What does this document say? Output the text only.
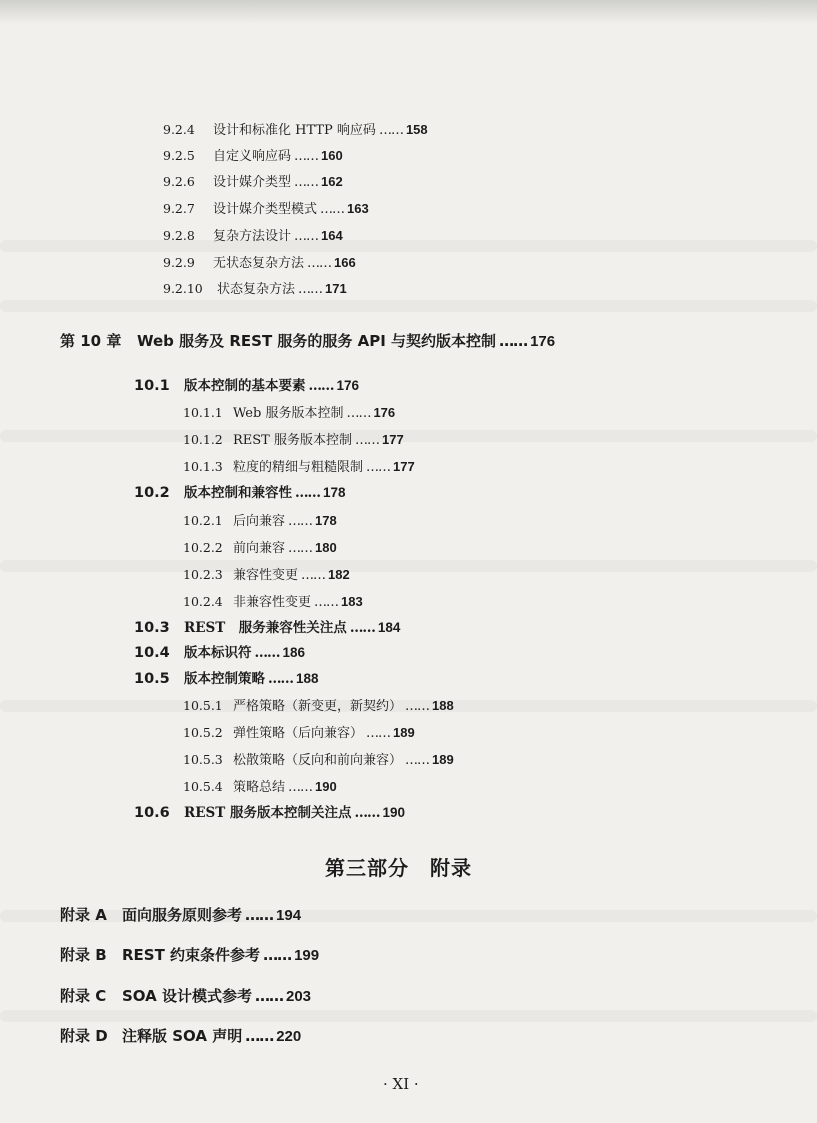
9.2.4 设计和标准化 HTTP 响应码 …… 158
9.2.5 自定义响应码 …… 160
9.2.6 设计媒介类型 …… 162
9.2.7 设计媒介类型模式 …… 163
9.2.8 复杂方法设计 …… 164
9.2.9 无状态复杂方法 …… 166
9.2.10 状态复杂方法 …… 171
第 10 章 Web 服务及 REST 服务的服务 API 与契约版本控制 …… 176
10.1 版本控制的基本要素 …… 176
10.1.1 Web 服务版本控制 …… 176
10.1.2 REST 服务版本控制 …… 177
10.1.3 粒度的精细与粗糙限制 …… 177
10.2 版本控制和兼容性 …… 178
10.2.1 后向兼容 …… 178
10.2.2 前向兼容 …… 180
10.2.3 兼容性变更 …… 182
10.2.4 非兼容性变更 …… 183
10.3 REST　服务兼容性关注点 …… 184
10.4 版本标识符 …… 186
10.5 版本控制策略 …… 188
10.5.1 严格策略（新变更，新契约） …… 188
10.5.2 弹性策略（后向兼容） …… 189
10.5.3 松散策略（反向和前向兼容） …… 189
10.5.4 策略总结 …… 190
10.6 REST 服务版本控制关注点 …… 190
第三部分　附录
附录 A 面向服务原则参考 …… 194
附录 B REST 约束条件参考 …… 199
附录 C SOA 设计模式参考 …… 203
附录 D 注释版 SOA 声明 …… 220
· XI ·
